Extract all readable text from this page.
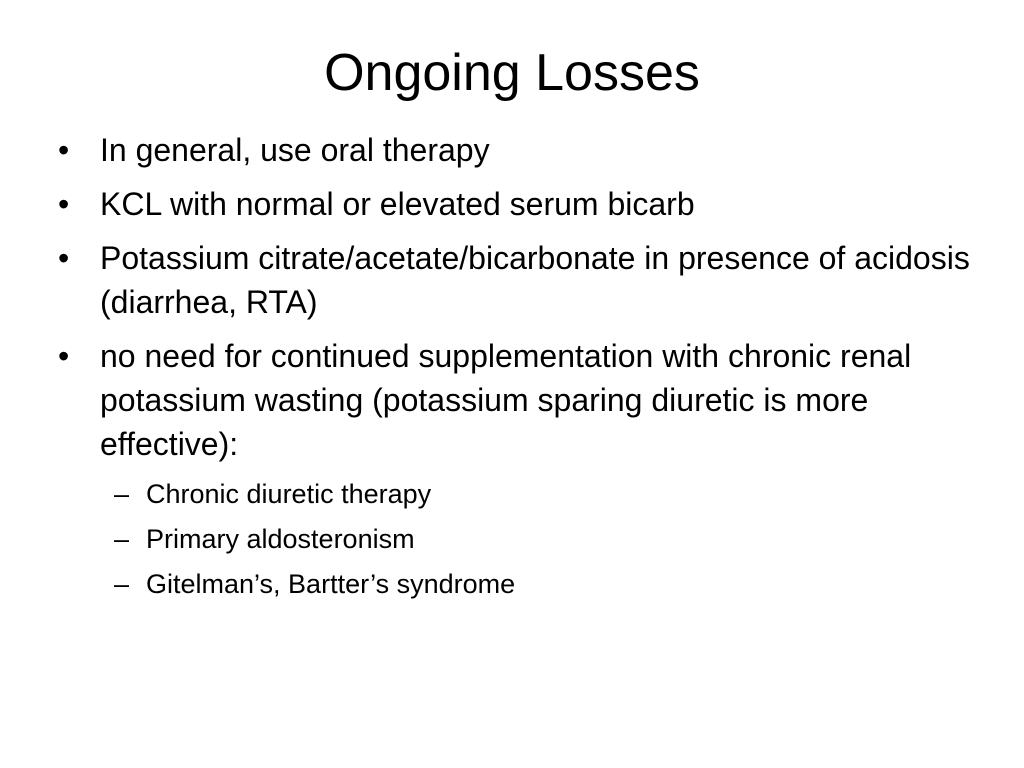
Ongoing Losses
• In general, use oral therapy
• KCL with normal or elevated serum bicarb
• Potassium citrate/acetate/bicarbonate in presence of acidosis (diarrhea, RTA)
• no need for continued supplementation with chronic renal potassium wasting (potassium sparing diuretic is more effective):
– Chronic diuretic therapy
– Primary aldosteronism
– Gitelman’s, Bartter’s syndrome
